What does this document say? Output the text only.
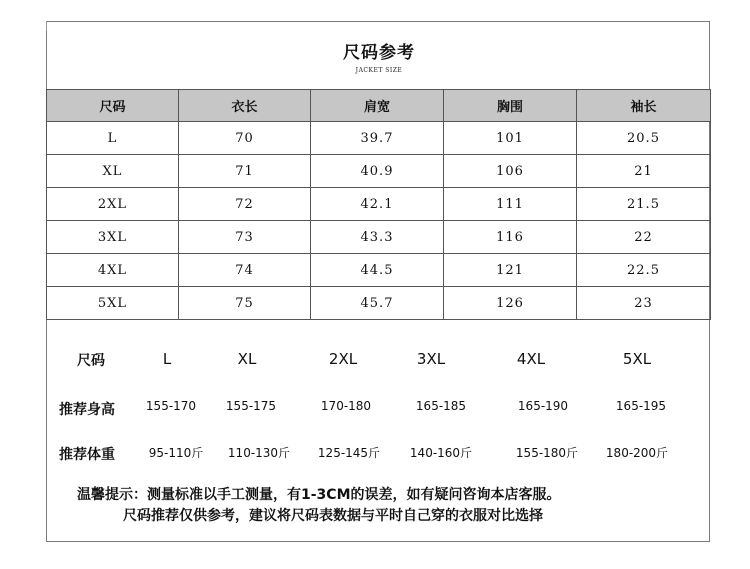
尺码参考
JACKET SIZE
尺码	衣长	肩宽	胸围	袖长
L	70	39.7	101	20.5
XL	71	40.9	106	21
2XL	72	42.1	111	21.5
3XL	73	43.3	116	22
4XL	74	44.5	121	22.5
5XL	75	45.7	126	23
尺码	L	XL	2XL	3XL	4XL	5XL
推荐身高	155-170	155-175	170-180	165-185	165-190	165-195
推荐体重	95-110斤	110-130斤	125-145斤	140-160斤	155-180斤	180-200斤
温馨提示：测量标准以手工测量，有1-3CM的误差，如有疑问咨询本店客服。
尺码推荐仅供参考，建议将尺码表数据与平时自己穿的衣服对比选择
